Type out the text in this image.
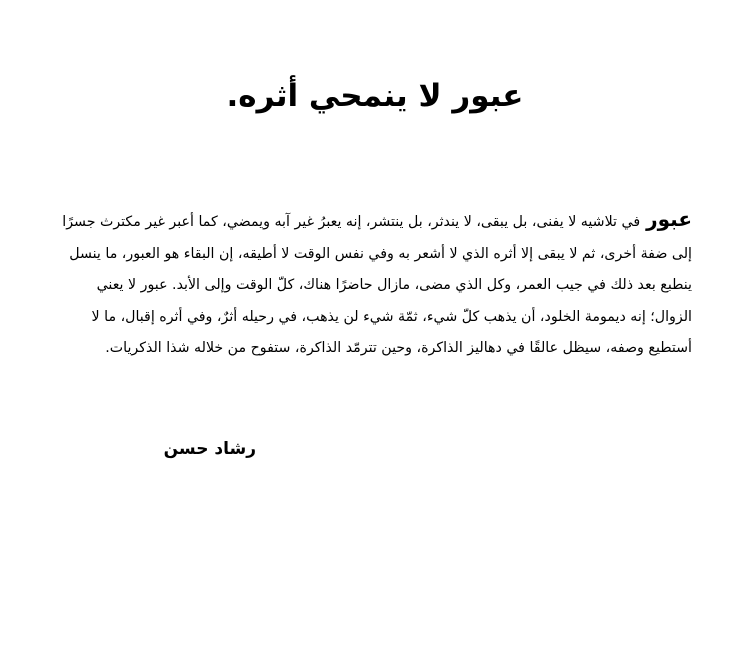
عبور لا ينمحي أثره.

عبورفي تلاشيه لا يفنى، بل يبقى، لا يندثر، بل ينتشر، إنه يعبرُ غير آبه ويمضي، كما أعبر غير مكترث جسرًا إلى ضفة أخرى، ثم لا يبقى إلا أثره الذي لا أشعر به وفي نفس الوقت لا أطيقه، إن البقاء هو العبور، ما ينسل ينطبع بعد ذلك في جيب العمر، وكل الذي مضى، مازال حاضرًا هناك، كلّ الوقت وإلى الأبد. عبور لا يعني الزوال؛ إنه ديمومة الخلود، أن يذهب كلّ شيء، ثمّة شيء لن يذهب، في رحيله أثرٌ، وفي أثره إقبال، ما لا أستطيع وصفه، سيظل عالقًا في دهاليز الذاكرة، وحين تترمّد الذاكرة، ستفوح من خلاله شذا الذكريات.

رشاد حسن
